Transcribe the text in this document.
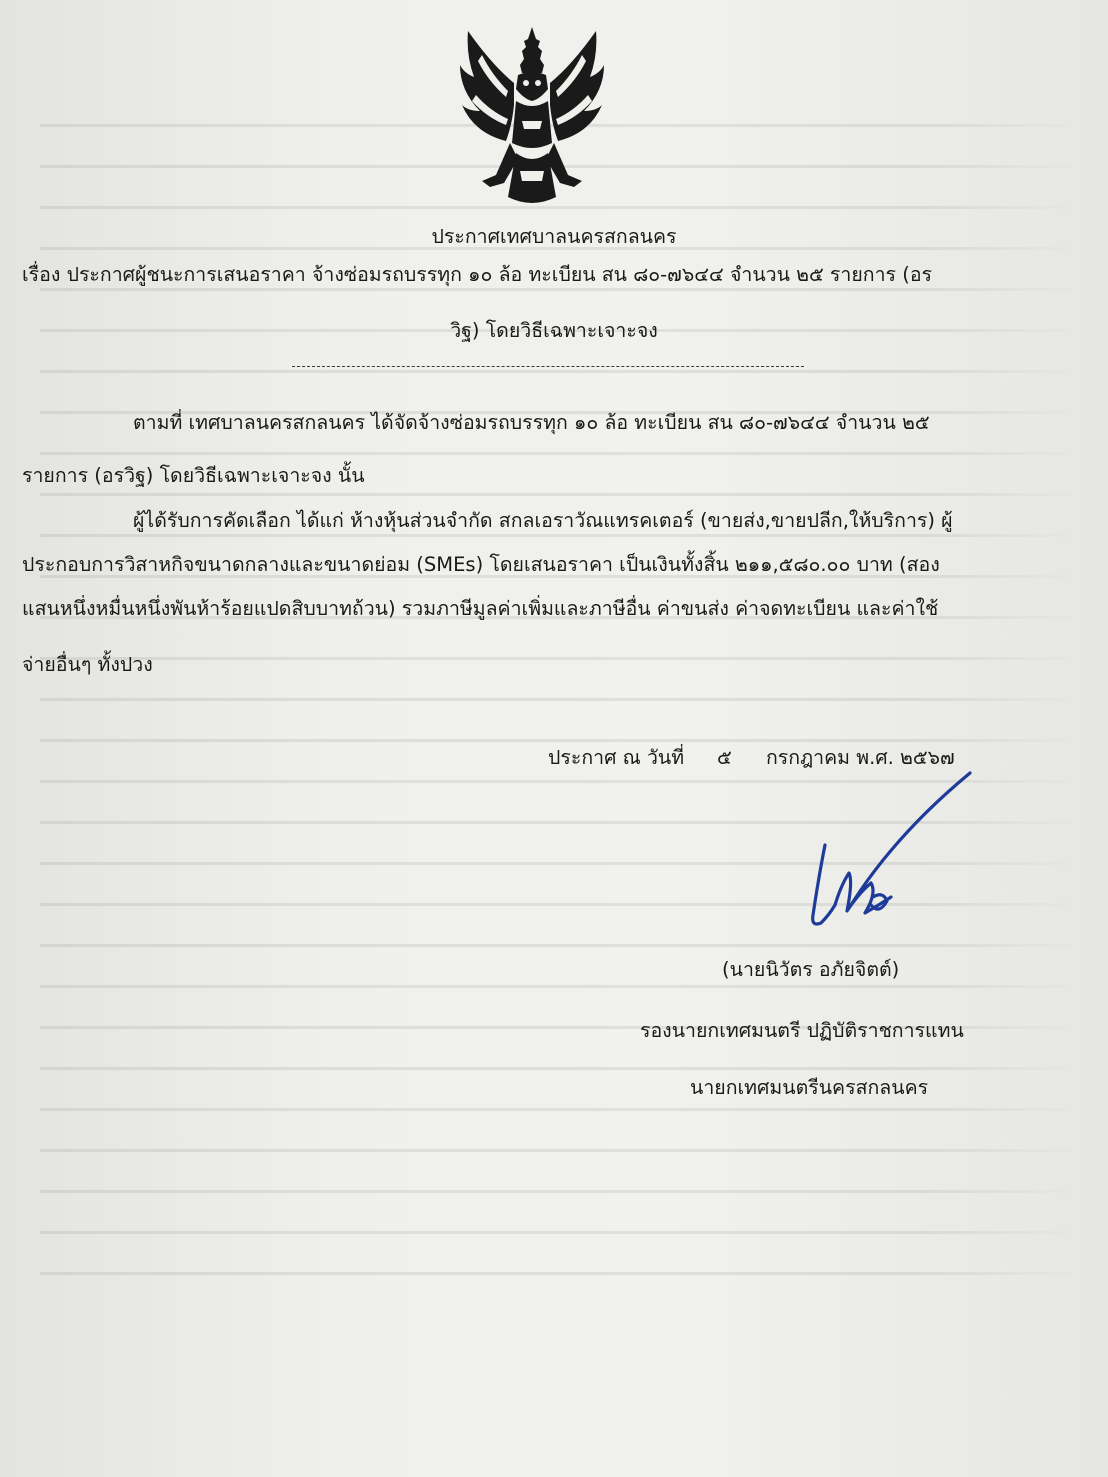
ประกาศเทศบาลนครสกลนคร
เรื่อง ประกาศผู้ชนะการเสนอราคา จ้างซ่อมรถบรรทุก ๑๐ ล้อ ทะเบียน สน ๘๐-๗๖๔๔ จำนวน ๒๕ รายการ (อร
วิฐ) โดยวิธีเฉพาะเจาะจง
ตามที่ เทศบาลนครสกลนคร ได้จัดจ้างซ่อมรถบรรทุก ๑๐ ล้อ ทะเบียน สน ๘๐-๗๖๔๔ จำนวน ๒๕
รายการ (อรวิฐ) โดยวิธีเฉพาะเจาะจง นั้น
ผู้ได้รับการคัดเลือก ได้แก่ ห้างหุ้นส่วนจำกัด สกลเอราวัณแทรคเตอร์ (ขายส่ง,ขายปลีก,ให้บริการ) ผู้
ประกอบการวิสาหกิจขนาดกลางและขนาดย่อม (SMEs) โดยเสนอราคา เป็นเงินทั้งสิ้น ๒๑๑,๕๘๐.๐๐ บาท (สอง
แสนหนึ่งหมื่นหนึ่งพันห้าร้อยแปดสิบบาทถ้วน) รวมภาษีมูลค่าเพิ่มและภาษีอื่น ค่าขนส่ง ค่าจดทะเบียน และค่าใช้
จ่ายอื่นๆ ทั้งปวง
ประกาศ ณ วันที่ ๕ กรกฎาคม พ.ศ. ๒๕๖๗
(นายนิวัตร อภัยจิตต์)
รองนายกเทศมนตรี ปฏิบัติราชการแทน
นายกเทศมนตรีนครสกลนคร
